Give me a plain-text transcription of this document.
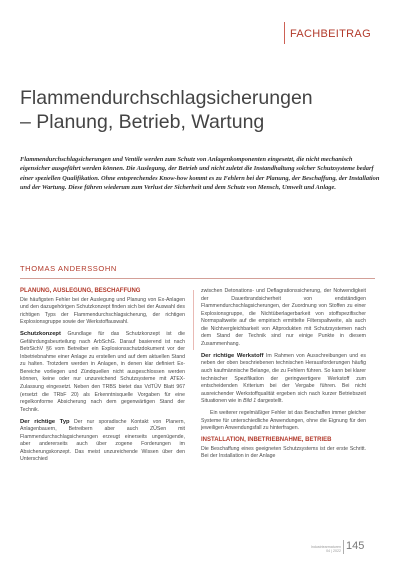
FACHBEITRAG
Flammendurchschlagsicherungen
– Planung, Betrieb, Wartung

Flammendurchschlagsicherungen und Ventile werden zum Schutz von Anlagenkomponenten eingesetzt, die nicht mechanisch eigensicher ausgeführt werden können. Die Auslegung, der Betrieb und nicht zuletzt die Instandhaltung solcher Schutzsysteme bedarf einer speziellen Qualifikation. Ohne entsprechendes Know-how kommt es zu Fehlern bei der Planung, der Beschaffung, der Installation und der Wartung. Diese führen wiederum zum Verlust der Sicherheit und dem Schutz von Mensch, Umwelt und Anlage.

THOMAS ANDERSSOHN
PLANUNG, AUSLEGUNG, BESCHAFFUNG

Die häufigsten Fehler bei der Auslegung und Planung von Ex-Anlagen und den dazugehörigen Schutzkonzept finden sich bei der Auswahl des richtigen Typs der Flammendurchschlagsicherung, der richtigen Explosionsgruppe sowie der Werkstoffauswahl.

Schutzkonzept Grundlage für das Schutzkonzept ist die Gefährdungsbeurteilung nach ArbSchG. Darauf basierend ist nach BetrSichV §6 vom Betreiber ein Explosionsschutzdokument vor der Inbetriebnahme einer Anlage zu erstellen und auf dem aktuellen Stand zu halten. Trotzdem werden in Anlagen, in denen klar definiert Ex-Bereiche vorliegen und Zündquellen nicht ausgeschlossen werden können, keine oder nur unzureichend Schutzsysteme mit ATEX-Zulassung eingesetzt. Neben den TRBS bietet das VdTÜV Blatt 967 (ersetzt die TRbF 20) als Erkenntnisquelle Vorgaben für eine regelkonforme Absicherung nach dem gegenwärtigen Stand der Technik.

Der richtige Typ Der nur sporadische Kontakt von Planern, Anlagenbauern, Betreibern aber auch ZÜSen mit Flammendurchschlagsicherungen erzeugt einerseits ungenügende, aber andererseits auch über zogene Forderungen im Absicherungskonzept. Das meist unzureichende Wissen über den Unterschied

zwischen Detonations- und Deflagrationssicherung, der Notwendigkeit der Dauerbrandsicherheit von endständigen Flammendurchschlagsicherungen, der Zuordnung von Stoffen zu einer Explosionsgruppe, die Nichtüberlagerbarkeit von stoffspezifischer Normspaltweite auf die empirisch ermittelte Filterspaltweite, als auch die Nichtvergleichbarkeit von Altprodukten mit Schutzsystemen nach dem Stand der Technik sind nur einige Punkte in diesem Zusammenhang.

Der richtige Werkstoff Im Rahmen von Ausschreibungen und es neben der oben beschriebenen technischen Herausforderungen häufig auch kaufmännische Belange, die zu Fehlern führen. So kann bei klarer technischer Spezifikation der geringwertigere Werkstoff zum entscheidenden Kriterium bei der Vergabe führen. Bei nicht ausreichender Werkstoffqualität ergeben sich nach kurzer Betriebszeit Situationen wie in Bild 1 dargestellt.

Ein weiterer regelmäßiger Fehler ist das Beschaffen immer gleicher Systeme für unterschiedliche Anwendungen, ohne die Eignung für den jeweiligen Anwendungsfall zu hinterfragen.

INSTALLATION, INBETRIEBNAHME, BETRIEB

Die Beschaffung eines geeigneten Schutzsystems ist der erste Schritt. Bei der Installation in der Anlage

Industriearmaturen
04 | 2022 145
